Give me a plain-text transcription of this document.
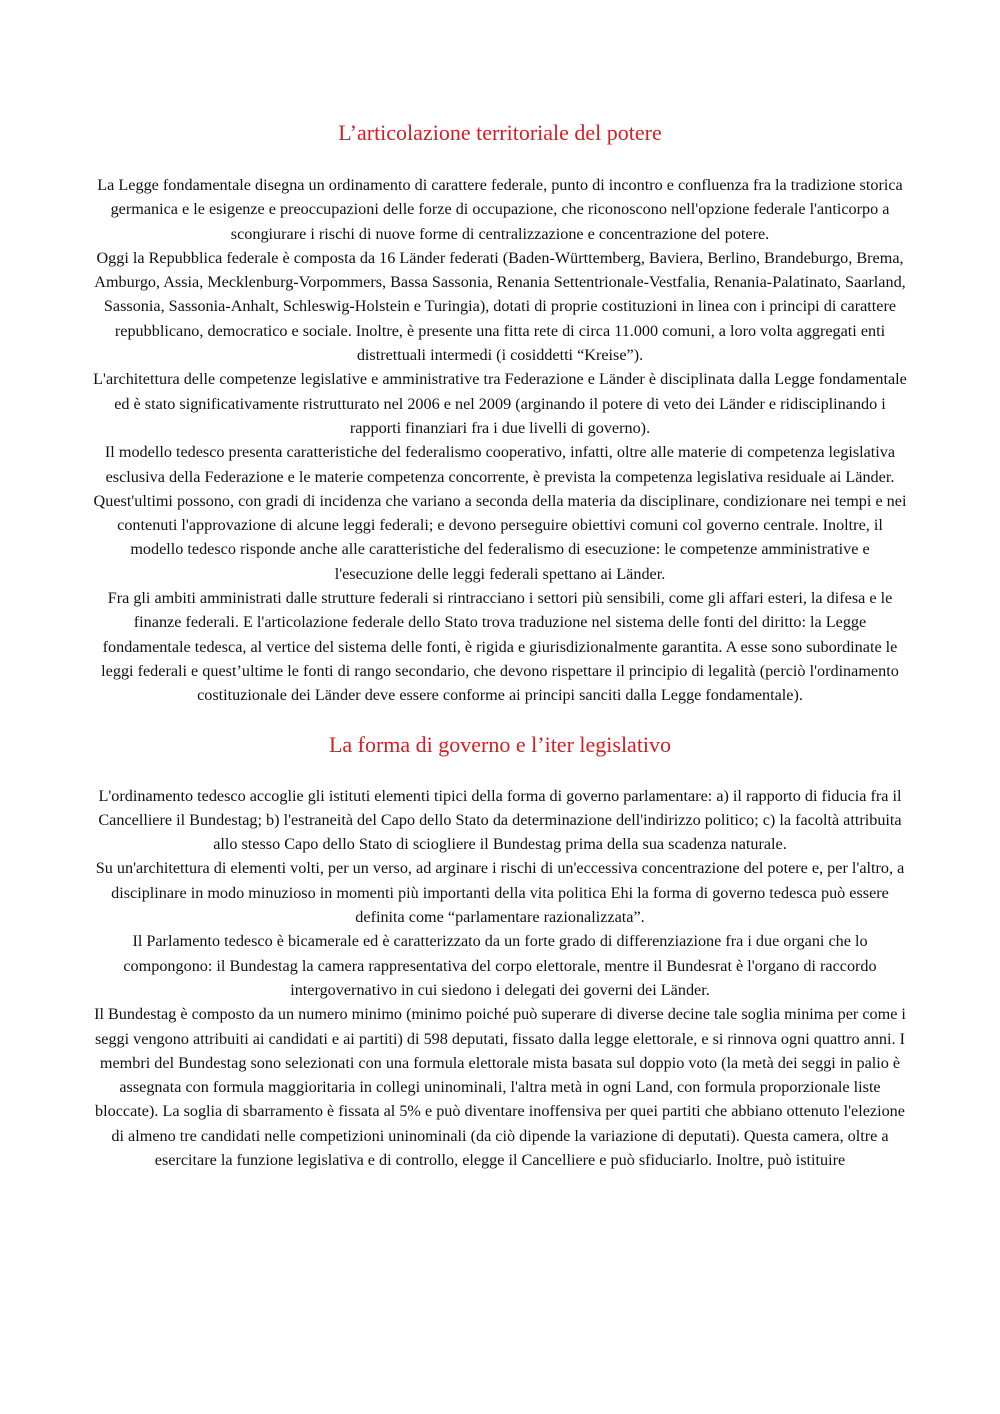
L’articolazione territoriale del potere

La Legge fondamentale disegna un ordinamento di carattere federale, punto di incontro e confluenza fra la tradizione storica germanica e le esigenze e preoccupazioni delle forze di occupazione, che riconoscono nell'opzione federale l'anticorpo a scongiurare i rischi di nuove forme di centralizzazione e concentrazione del potere.

Oggi la Repubblica federale è composta da 16 Länder federati (Baden-Württemberg, Baviera, Berlino, Brandeburgo, Brema, Amburgo, Assia, Mecklenburg-Vorpommers, Bassa Sassonia, Renania Settentrionale-Vestfalia, Renania-Palatinato, Saarland, Sassonia, Sassonia-Anhalt, Schleswig-Holstein e Turingia), dotati di proprie costituzioni in linea con i principi di carattere repubblicano, democratico e sociale. Inoltre, è presente una fitta rete di circa 11.000 comuni, a loro volta aggregati enti distrettuali intermedi (i cosiddetti “Kreise”).

L'architettura delle competenze legislative e amministrative tra Federazione e Länder è disciplinata dalla Legge fondamentale ed è stato significativamente ristrutturato nel 2006 e nel 2009 (arginando il potere di veto dei Länder e ridisciplinando i rapporti finanziari fra i due livelli di governo).

Il modello tedesco presenta caratteristiche del federalismo cooperativo, infatti, oltre alle materie di competenza legislativa esclusiva della Federazione e le materie competenza concorrente, è prevista la competenza legislativa residuale ai Länder. Quest'ultimi possono, con gradi di incidenza che variano a seconda della materia da disciplinare, condizionare nei tempi e nei contenuti l'approvazione di alcune leggi federali; e devono perseguire obiettivi comuni col governo centrale. Inoltre, il modello tedesco risponde anche alle caratteristiche del federalismo di esecuzione: le competenze amministrative e l'esecuzione delle leggi federali spettano ai Länder.

Fra gli ambiti amministrati dalle strutture federali si rintracciano i settori più sensibili, come gli affari esteri, la difesa e le finanze federali. E l'articolazione federale dello Stato trova traduzione nel sistema delle fonti del diritto: la Legge fondamentale tedesca, al vertice del sistema delle fonti, è rigida e giurisdizionalmente garantita. A esse sono subordinate le leggi federali e quest’ultime le fonti di rango secondario, che devono rispettare il principio di legalità (perciò l'ordinamento costituzionale dei Länder deve essere conforme ai principi sanciti dalla Legge fondamentale).

La forma di governo e l’iter legislativo

L'ordinamento tedesco accoglie gli istituti elementi tipici della forma di governo parlamentare: a) il rapporto di fiducia fra il Cancelliere il Bundestag; b) l'estraneità del Capo dello Stato da determinazione dell'indirizzo politico; c) la facoltà attribuita allo stesso Capo dello Stato di sciogliere il Bundestag prima della sua scadenza naturale.

Su un'architettura di elementi volti, per un verso, ad arginare i rischi di un'eccessiva concentrazione del potere e, per l'altro, a disciplinare in modo minuzioso in momenti più importanti della vita politica Ehi la forma di governo tedesca può essere definita come “parlamentare razionalizzata”.

Il Parlamento tedesco è bicamerale ed è caratterizzato da un forte grado di differenziazione fra i due organi che lo compongono: il Bundestag la camera rappresentativa del corpo elettorale, mentre il Bundesrat è l'organo di raccordo intergovernativo in cui siedono i delegati dei governi dei Länder.

Il Bundestag è composto da un numero minimo (minimo poiché può superare di diverse decine tale soglia minima per come i seggi vengono attribuiti ai candidati e ai partiti) di 598 deputati, fissato dalla legge elettorale, e si rinnova ogni quattro anni. I membri del Bundestag sono selezionati con una formula elettorale mista basata sul doppio voto (la metà dei seggi in palio è assegnata con formula maggioritaria in collegi uninominali, l'altra metà in ogni Land, con formula proporzionale liste bloccate). La soglia di sbarramento è fissata al 5% e può diventare inoffensiva per quei partiti che abbiano ottenuto l'elezione di almeno tre candidati nelle competizioni uninominali (da ciò dipende la variazione di deputati). Questa camera, oltre a esercitare la funzione legislativa e di controllo, elegge il Cancelliere e può sfiduciarlo. Inoltre, può istituire
